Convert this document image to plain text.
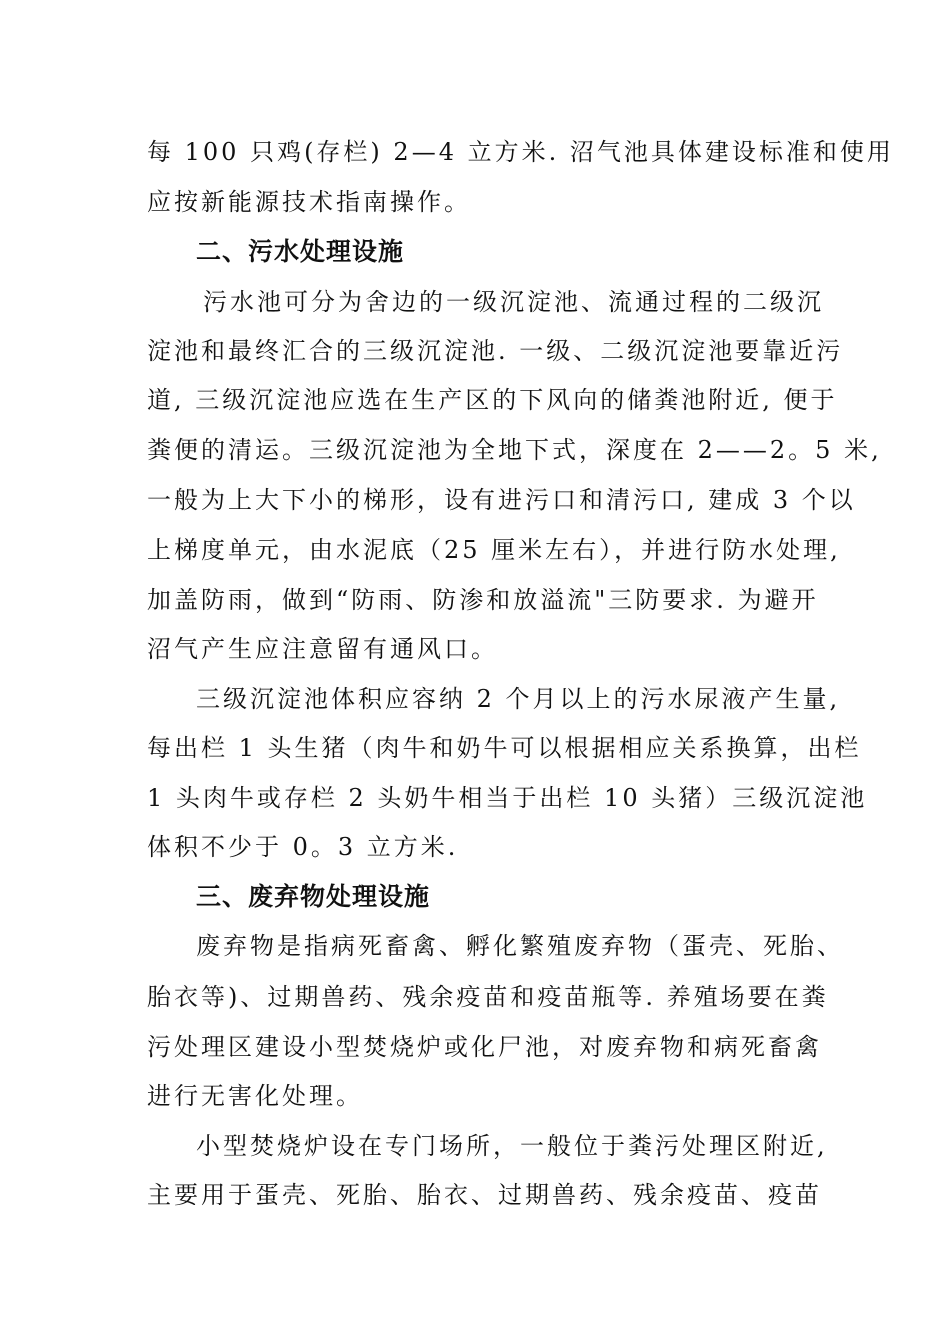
每 100 只鸡(存栏) 2—4 立方米. 沼气池具体建设标准和使用
应按新能源技术指南操作。
二、污水处理设施
污水池可分为舍边的一级沉淀池、流通过程的二级沉
淀池和最终汇合的三级沉淀池. 一级、二级沉淀池要靠近污
道, 三级沉淀池应选在生产区的下风向的储粪池附近, 便于
粪便的清运。三级沉淀池为全地下式，深度在 2——2。5 米,
一般为上大下小的梯形，设有进污口和清污口, 建成 3 个以
上梯度单元，由水泥底（25 厘米左右），并进行防水处理,
加盖防雨，做到“防雨、防渗和放溢流"三防要求. 为避开
沼气产生应注意留有通风口。
三级沉淀池体积应容纳 2 个月以上的污水尿液产生量,
每出栏 1 头生猪（肉牛和奶牛可以根据相应关系换算，出栏
1 头肉牛或存栏 2 头奶牛相当于出栏 10 头猪）三级沉淀池
体积不少于 0。3 立方米.
三、废弃物处理设施
废弃物是指病死畜禽、孵化繁殖废弃物（蛋壳、死胎、
胎衣等)、过期兽药、残余疫苗和疫苗瓶等. 养殖场要在粪
污处理区建设小型焚烧炉或化尸池，对废弃物和病死畜禽
进行无害化处理。
小型焚烧炉设在专门场所，一般位于粪污处理区附近,
主要用于蛋壳、死胎、胎衣、过期兽药、残余疫苗、疫苗
